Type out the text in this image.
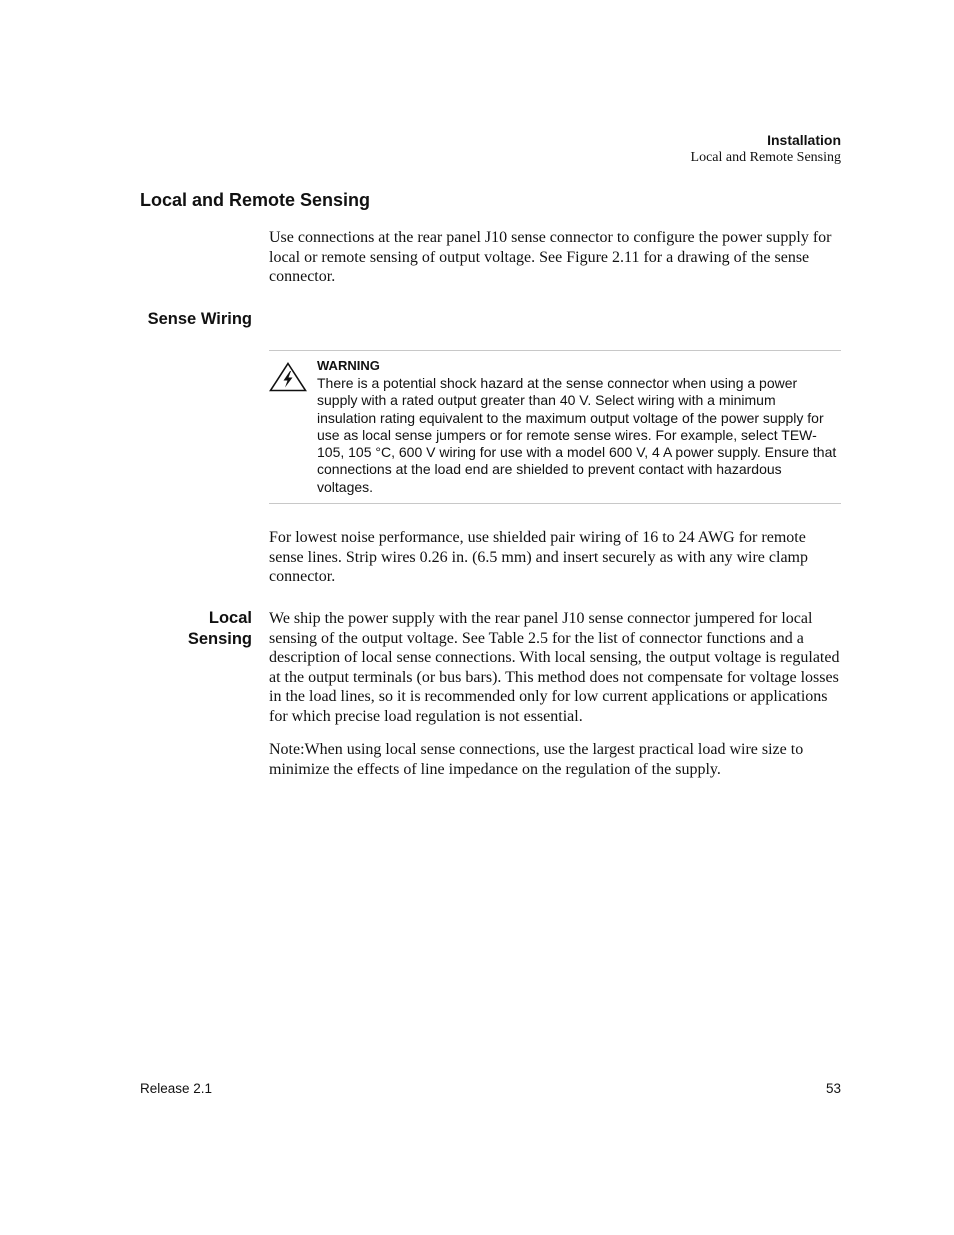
Installation
Local and Remote Sensing
Local and Remote Sensing
Use connections at the rear panel J10 sense connector to configure the power supply for local or remote sensing of output voltage. See Figure 2.11 for a drawing of the sense connector.
Sense Wiring
WARNING
There is a potential shock hazard at the sense connector when using a power supply with a rated output greater than 40 V. Select wiring with a minimum insulation rating equivalent to the maximum output voltage of the power supply for use as local sense jumpers or for remote sense wires. For example, select TEW-105, 105 °C, 600 V wiring for use with a model 600 V, 4 A power supply. Ensure that connections at the load end are shielded to prevent contact with hazardous voltages.
For lowest noise performance, use shielded pair wiring of 16 to 24 AWG for remote sense lines. Strip wires 0.26 in. (6.5 mm) and insert securely as with any wire clamp connector.
Local
Sensing
We ship the power supply with the rear panel J10 sense connector jumpered for local sensing of the output voltage. See Table 2.5 for the list of connector functions and a description of local sense connections. With local sensing, the output voltage is regulated at the output terminals (or bus bars). This method does not compensate for voltage losses in the load lines, so it is recommended only for low current applications or applications for which precise load regulation is not essential.
Note:When using local sense connections, use the largest practical load wire size to minimize the effects of line impedance on the regulation of the supply.
Release 2.1	53
